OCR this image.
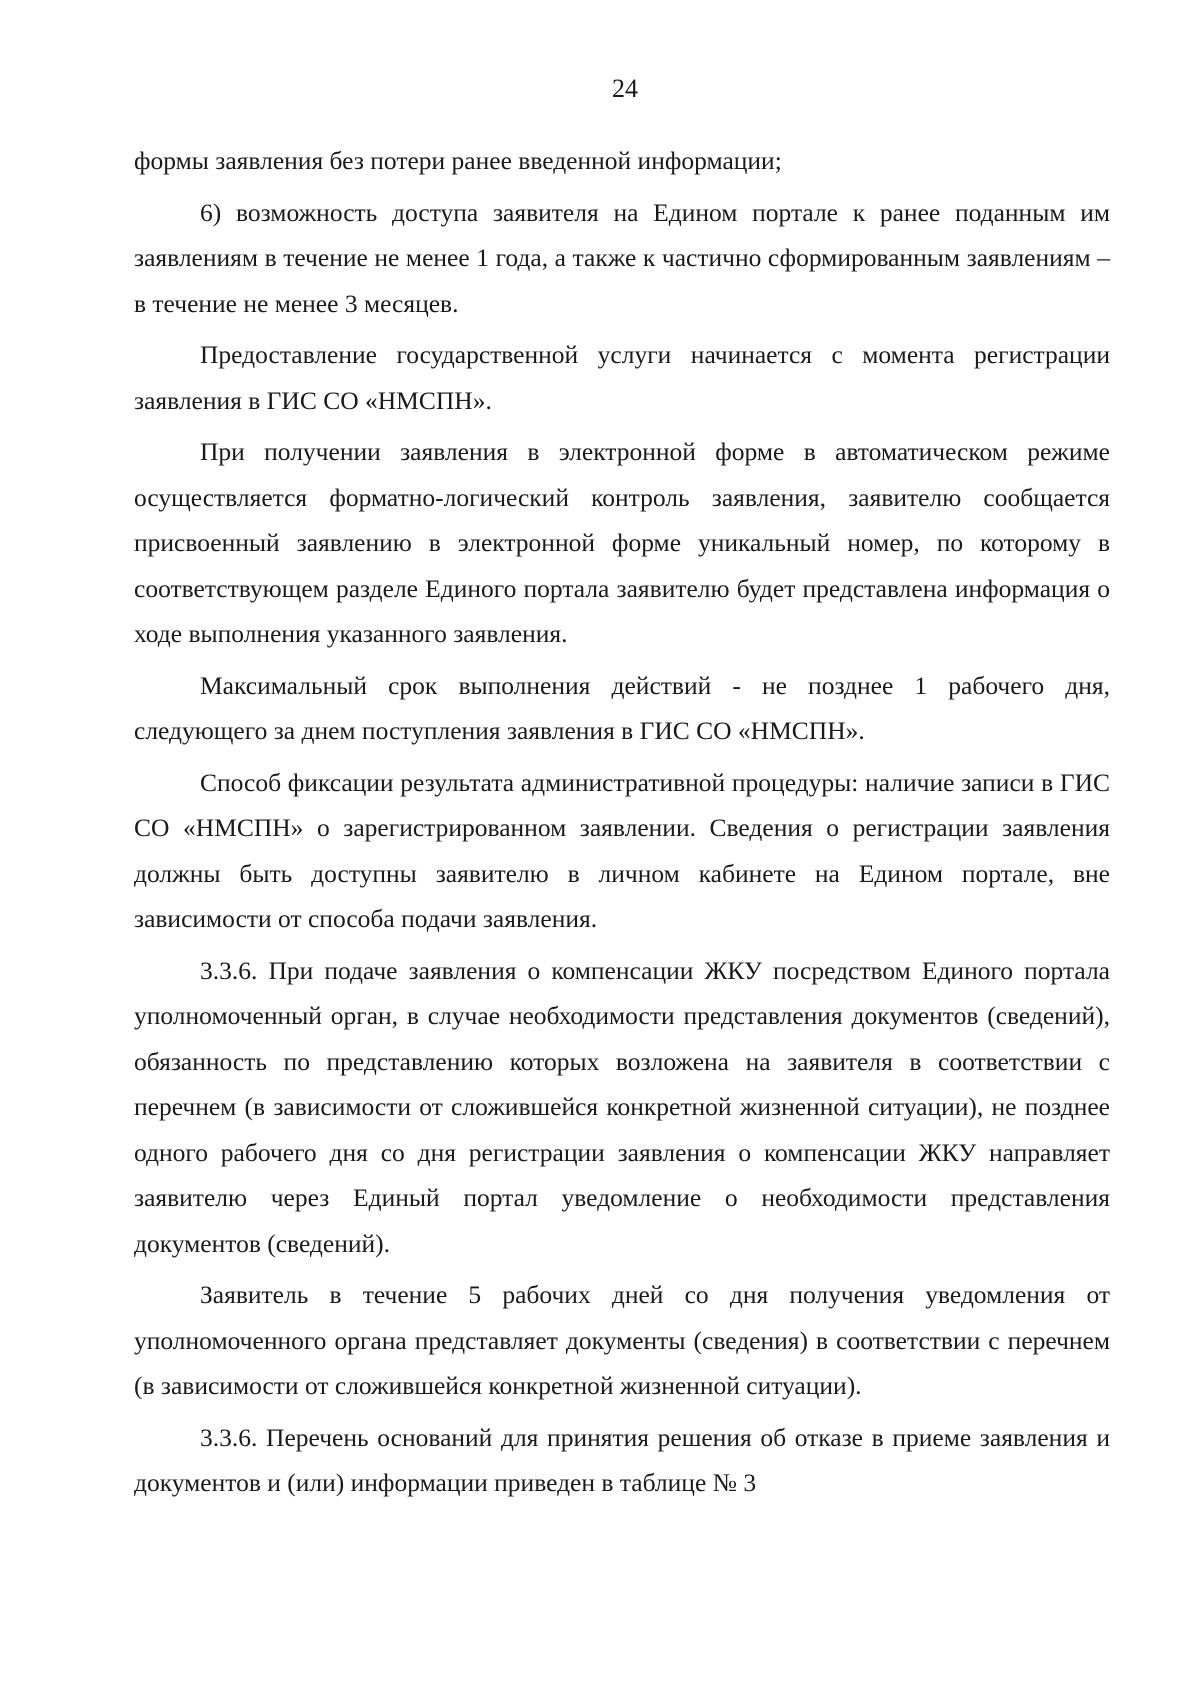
24

формы заявления без потери ранее введенной информации;

6) возможность доступа заявителя на Едином портале к ранее поданным им заявлениям в течение не менее 1 года, а также к частично сформированным заявлениям – в течение не менее 3 месяцев.

Предоставление государственной услуги начинается с момента регистрации заявления в ГИС СО «НМСПН».

При получении заявления в электронной форме в автоматическом режиме осуществляется форматно-логический контроль заявления, заявителю сообщается присвоенный заявлению в электронной форме уникальный номер, по которому в соответствующем разделе Единого портала заявителю будет представлена информация о ходе выполнения указанного заявления.

Максимальный срок выполнения действий - не позднее 1 рабочего дня, следующего за днем поступления заявления в ГИС СО «НМСПН».

Способ фиксации результата административной процедуры: наличие записи в ГИС СО «НМСПН» о зарегистрированном заявлении. Сведения о регистрации заявления должны быть доступны заявителю в личном кабинете на Едином портале, вне зависимости от способа подачи заявления.

3.3.6. При подаче заявления о компенсации ЖКУ посредством Единого портала уполномоченный орган, в случае необходимости представления документов (сведений), обязанность по представлению которых возложена на заявителя в соответствии с перечнем (в зависимости от сложившейся конкретной жизненной ситуации), не позднее одного рабочего дня со дня регистрации заявления о компенсации ЖКУ направляет заявителю через Единый портал уведомление о необходимости представления документов (сведений).

Заявитель в течение 5 рабочих дней со дня получения уведомления от уполномоченного органа представляет документы (сведения) в соответствии с перечнем (в зависимости от сложившейся конкретной жизненной ситуации).

3.3.6. Перечень оснований для принятия решения об отказе в приеме заявления и документов и (или) информации приведен в таблице № 3
